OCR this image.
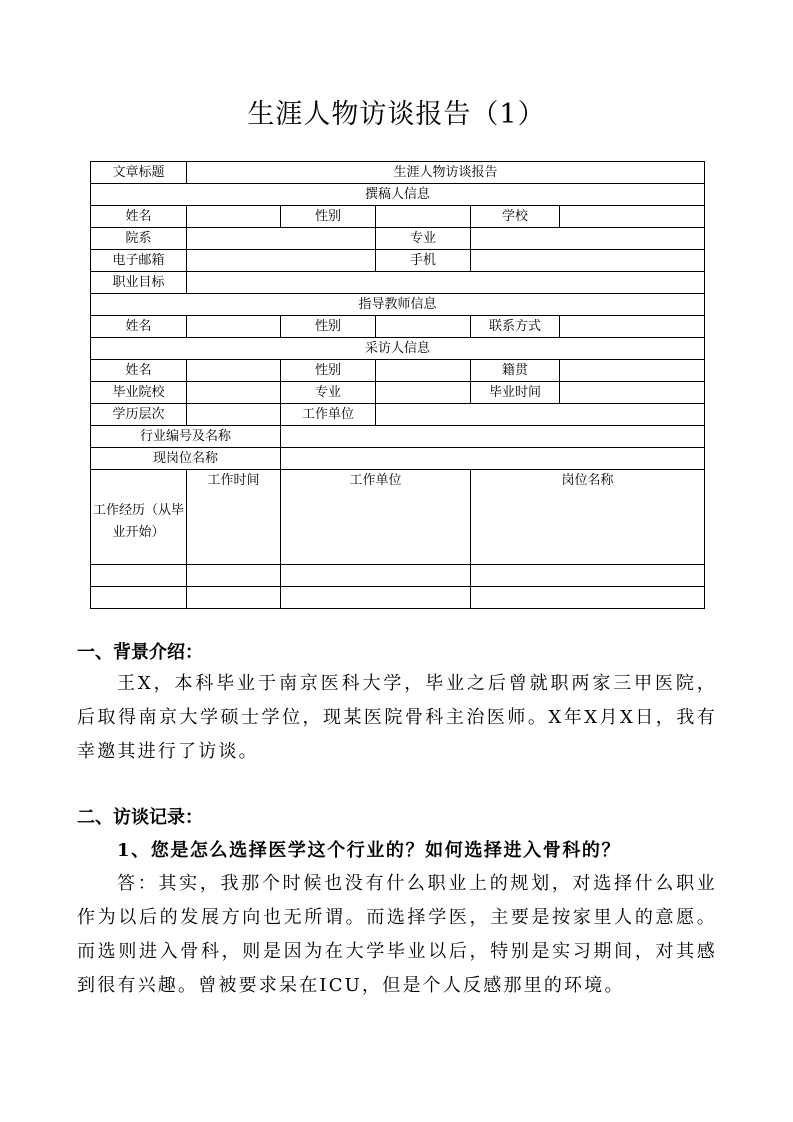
生涯人物访谈报告（1）
文章标题	生涯人物访谈报告				
撰稿人信息					
姓名		性别		学校	
院系			专业		
电子邮箱			手机		
职业目标					
指导教师信息					
姓名		性别		联系方式	
采访人信息					
姓名		性别		籍贯	
毕业院校		专业		毕业时间	
学历层次		工作单位			
行业编号及名称					
现岗位名称					
工作经历（从毕业开始）	工作时间	工作单位		岗位名称	

一、背景介绍：
王X，本科毕业于南京医科大学，毕业之后曾就职两家三甲医院，后取得南京大学硕士学位，现某医院骨科主治医师。X年X月X日，我有幸邀其进行了访谈。
二、访谈记录：
1、您是怎么选择医学这个行业的？如何选择进入骨科的？
答：其实，我那个时候也没有什么职业上的规划，对选择什么职业作为以后的发展方向也无所谓。而选择学医，主要是按家里人的意愿。而选则进入骨科，则是因为在大学毕业以后，特别是实习期间，对其感到很有兴趣。曾被要求呆在ICU，但是个人反感那里的环境。
